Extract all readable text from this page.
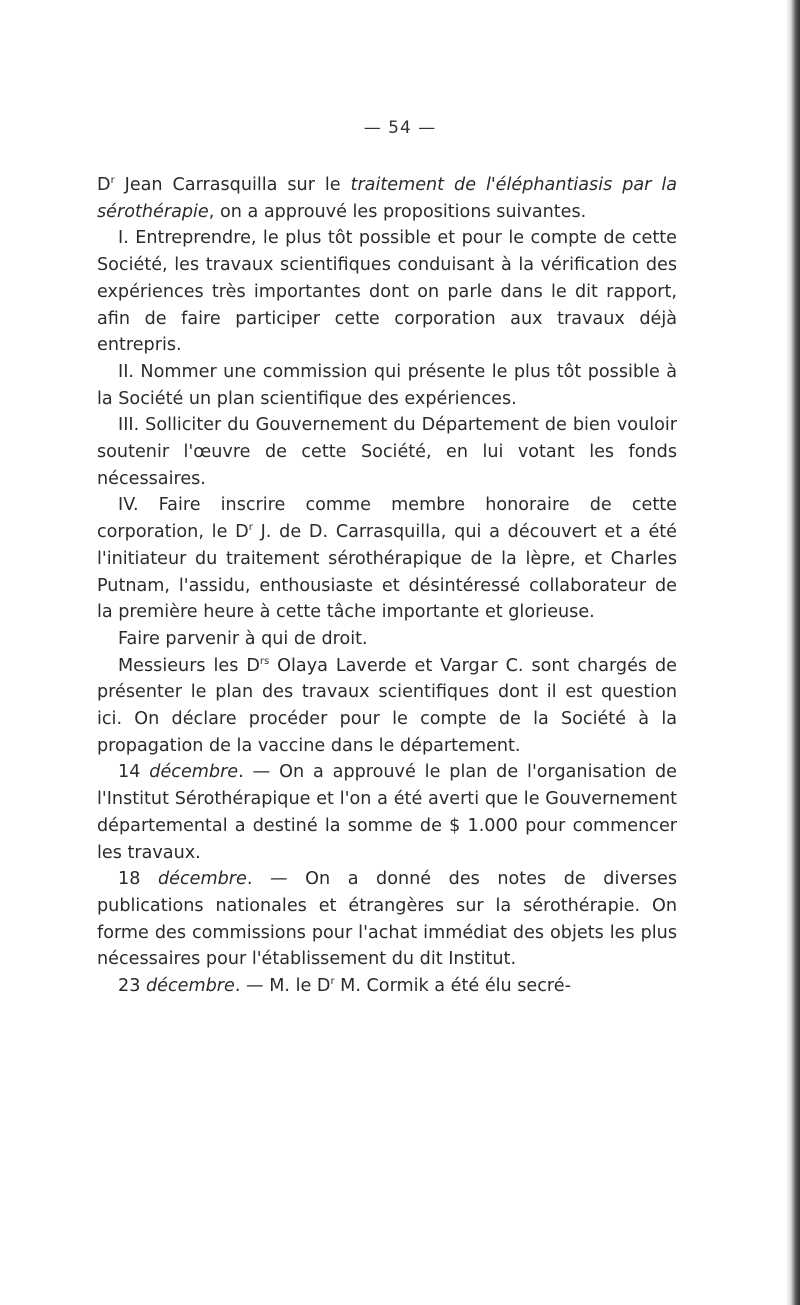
— 54 —

$D^r$ Jean Carrasquilla sur le traitement de l'éléphantiasis par la sérothérapie, on a approuvé les propositions suivantes.

I. Entreprendre, le plus tôt possible et pour le compte de cette Société, les travaux scientifiques conduisant à la vérification des expériences très importantes dont on parle dans le dit rapport, afin de faire participer cette corporation aux travaux déjà entrepris.

II. Nommer une commission qui présente le plus tôt possible à la Société un plan scientifique des expériences.

III. Solliciter du Gouvernement du Département de bien vouloir soutenir l'œuvre de cette Société, en lui votant les fonds nécessaires.

IV. Faire inscrire comme membre honoraire de cette corporation, le $D^r$ J. de D. Carrasquilla, qui a découvert et a été l'initiateur du traitement sérothérapique de la lèpre, et Charles Putnam, l'assidu, enthousiaste et désintéressé collaborateur de la première heure à cette tâche importante et glorieuse.

Faire parvenir à qui de droit.

Messieurs les $D^{rs}$ Olaya Laverde et Vargar C. sont chargés de présenter le plan des travaux scientifiques dont il est question ici. On déclare procéder pour le compte de la Société à la propagation de la vaccine dans le département.

14 décembre. — On a approuvé le plan de l'organisation de l'Institut Sérothérapique et l'on a été averti que le Gouvernement départemental a destiné la somme de $ 1.000 pour commencer les travaux.

18 décembre. — On a donné des notes de diverses publications nationales et étrangères sur la sérothérapie. On forme des commissions pour l'achat immédiat des objets les plus nécessaires pour l'établissement du dit Institut.

23 décembre. — M. le $D^r$ M. Cormik a été élu secré-
